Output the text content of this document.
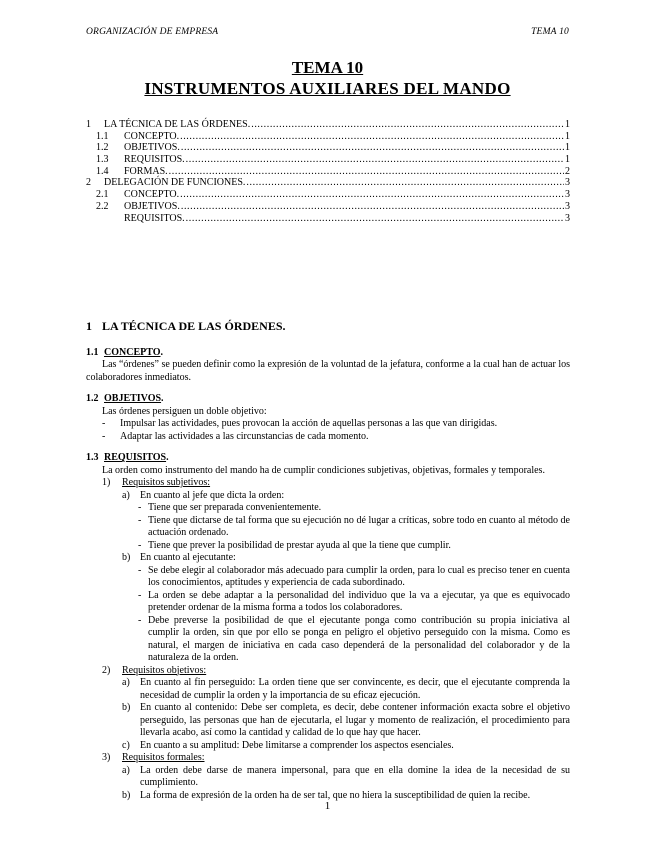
ORGANIZACIÓN DE EMPRESA	TEMA 10
TEMA 10
INSTRUMENTOS AUXILIARES DEL MANDO
1	LA TÉCNICA DE LAS ÓRDENES. .....	1
1.1	CONCEPTO. .....	1
1.2	OBJETIVOS. .....	1
1.3	REQUISITOS. .....	1
1.4	FORMAS. .....	2
2	DELEGACIÓN DE FUNCIONES. .....	3
2.1	CONCEPTO. .....	3
2.2	OBJETIVOS. .....	3
REQUISITOS. .....	3
1 LA TÉCNICA DE LAS ÓRDENES.
1.1 CONCEPTO.

Las “órdenes” se pueden definir como la expresión de la voluntad de la jefatura, conforme a la cual han de actuar los colaboradores inmediatos.

1.2 OBJETIVOS.

Las órdenes persiguen un doble objetivo:

-	Impulsar las actividades, pues provocan la acción de aquellas personas a las que van dirigidas.
-	Adaptar las actividades a las circunstancias de cada momento.
1.3 REQUISITOS.

La orden como instrumento del mando ha de cumplir condiciones subjetivas, objetivas, formales y temporales.

1)	Requisitos subjetivos:
a)	En cuanto al jefe que dicta la orden:
- Tiene que ser preparada convenientemente.
- Tiene que dictarse de tal forma que su ejecución no dé lugar a críticas, sobre todo en cuanto al método de actuación ordenado.
- Tiene que prever la posibilidad de prestar ayuda al que la tiene que cumplir.
b) En cuanto al ejecutante:
- Se debe elegir al colaborador más adecuado para cumplir la orden, para lo cual es preciso tener en cuenta los conocimientos, aptitudes y experiencia de cada subordinado.
- La orden se debe adaptar a la personalidad del individuo que la va a ejecutar, ya que es equivocado pretender ordenar de la misma forma a todos los colaboradores.
- Debe preverse la posibilidad de que el ejecutante ponga como contribución su propia iniciativa al cumplir la orden, sin que por ello se ponga en peligro el objetivo perseguido con la misma. Como es natural, el margen de iniciativa en cada caso dependerá de la personalidad del colaborador y de la naturaleza de la orden.
2)	Requisitos objetivos:
a)	En cuanto al fin perseguido: La orden tiene que ser convincente, es decir, que el ejecutante comprenda la necesidad de cumplir la orden y la importancia de su eficaz ejecución.
b) En cuanto al contenido: Debe ser completa, es decir, debe contener información exacta sobre el objetivo perseguido, las personas que han de ejecutarla, el lugar y momento de realización, el procedimiento para llevarla acabo, así como la cantidad y calidad de lo que hay que hacer.
c)	En cuanto a su amplitud: Debe limitarse a comprender los aspectos esenciales.
3)	Requisitos formales:
a)	La orden debe darse de manera impersonal, para que en ella domine la idea de la necesidad de su cumplimiento.
b) La forma de expresión de la orden ha de ser tal, que no hiera la susceptibilidad de quien la recibe.
1
